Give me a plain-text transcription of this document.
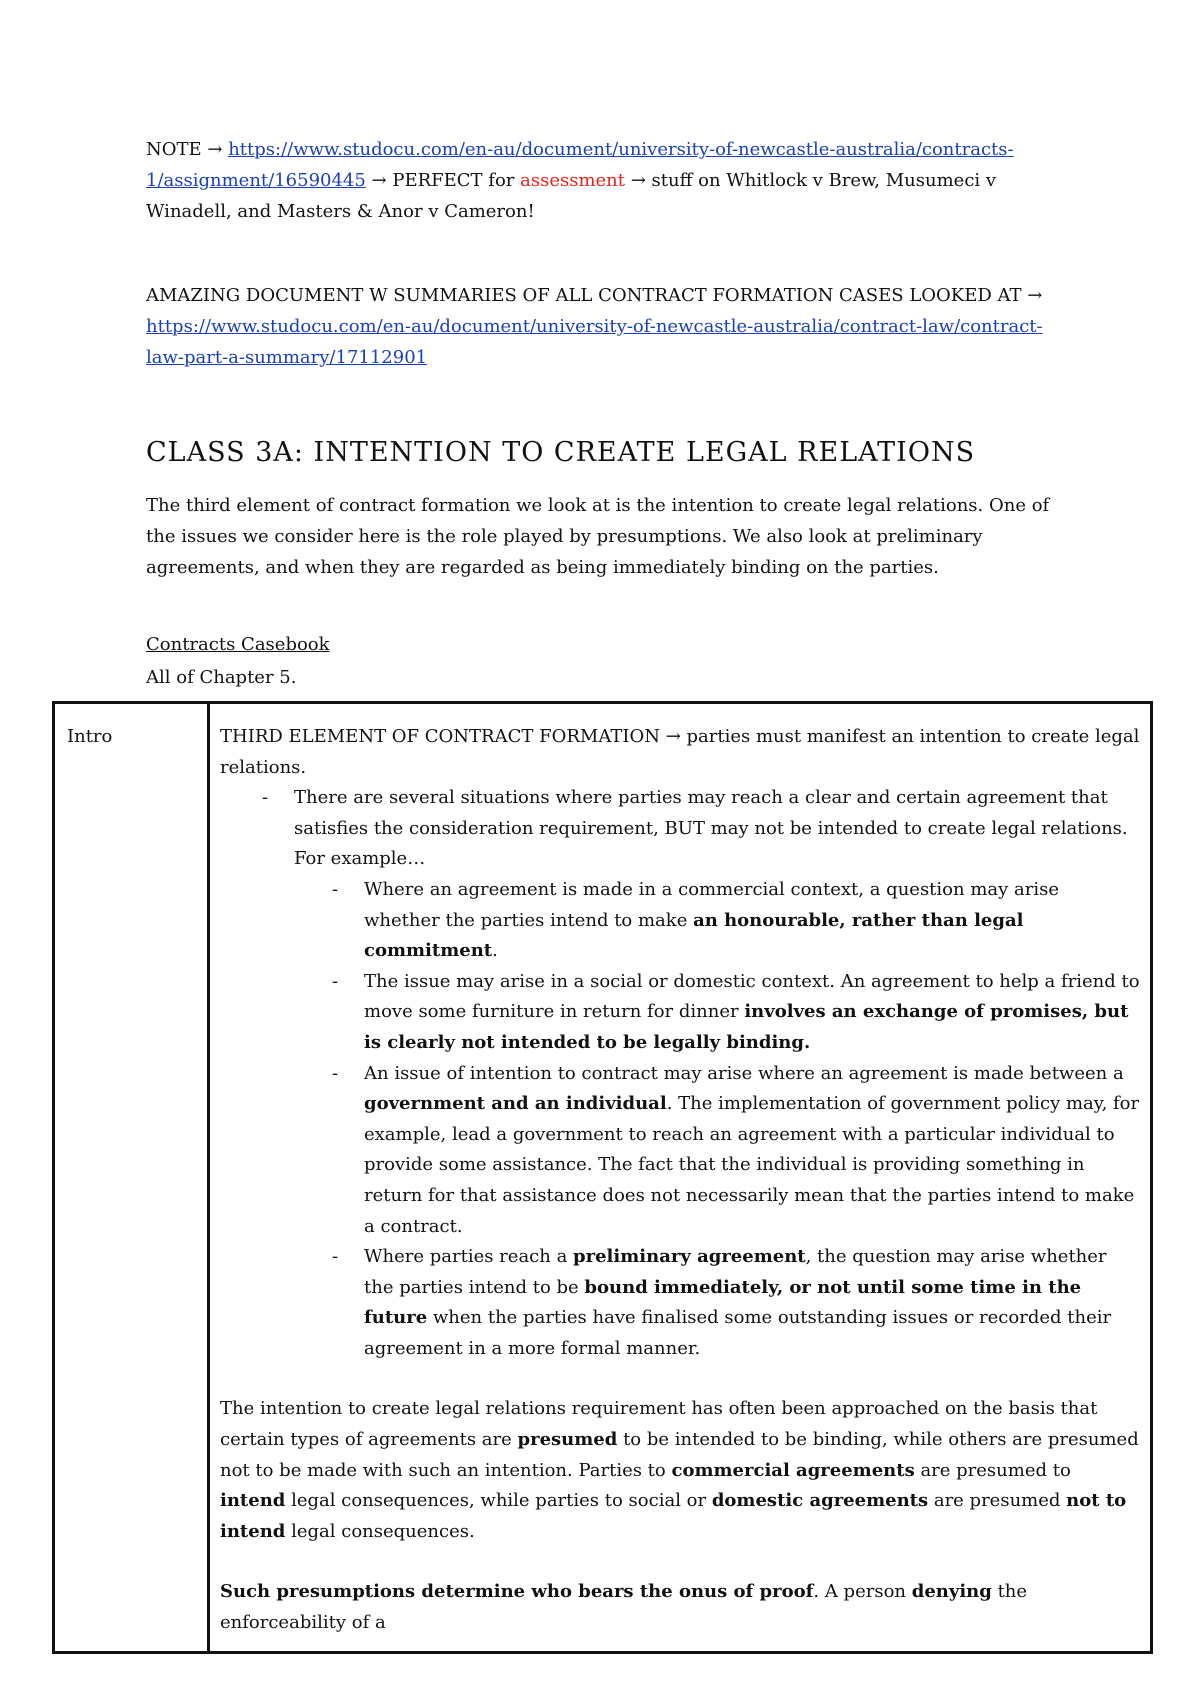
NOTE → https://www.studocu.com/en-au/document/university-of-newcastle-australia/contracts-1/assignment/16590445 → PERFECT for assessment → stuff on Whitlock v Brew, Musumeci v Winadell, and Masters & Anor v Cameron!

AMAZING DOCUMENT W SUMMARIES OF ALL CONTRACT FORMATION CASES LOOKED AT → https://www.studocu.com/en-au/document/university-of-newcastle-australia/contract-law/contract-law-part-a-summary/17112901

CLASS 3A: INTENTION TO CREATE LEGAL RELATIONS

The third element of contract formation we look at is the intention to create legal relations. One of the issues we consider here is the role played by presumptions. We also look at preliminary agreements, and when they are regarded as being immediately binding on the parties.

Contracts Casebook

All of Chapter 5.

Intro	THIRD ELEMENT OF CONTRACT FORMATION → parties must manifest an intention to create legal relations.

- There are several situations where parties may reach a clear and certain agreement that satisfies the consideration requirement, BUT may not be intended to create legal relations. For example…
- Where an agreement is made in a commercial context, a question may arise whether the parties intend to make an honourable, rather than legal commitment.
- The issue may arise in a social or domestic context. An agreement to help a friend to move some furniture in return for dinner involves an exchange of promises, but is clearly not intended to be legally binding.
- An issue of intention to contract may arise where an agreement is made between a government and an individual. The implementation of government policy may, for example, lead a government to reach an agreement with a particular individual to provide some assistance. The fact that the individual is providing something in return for that assistance does not necessarily mean that the parties intend to make a contract.
- Where parties reach a preliminary agreement, the question may arise whether the parties intend to be bound immediately, or not until some time in the future when the parties have finalised some outstanding issues or recorded their agreement in a more formal manner.

The intention to create legal relations requirement has often been approached on the basis that certain types of agreements are presumed to be intended to be binding, while others are presumed not to be made with such an intention. Parties to commercial agreements are presumed to intend legal consequences, while parties to social or domestic agreements are presumed not to intend legal consequences.

Such presumptions determine who bears the onus of proof. A person denying the enforceability of a
